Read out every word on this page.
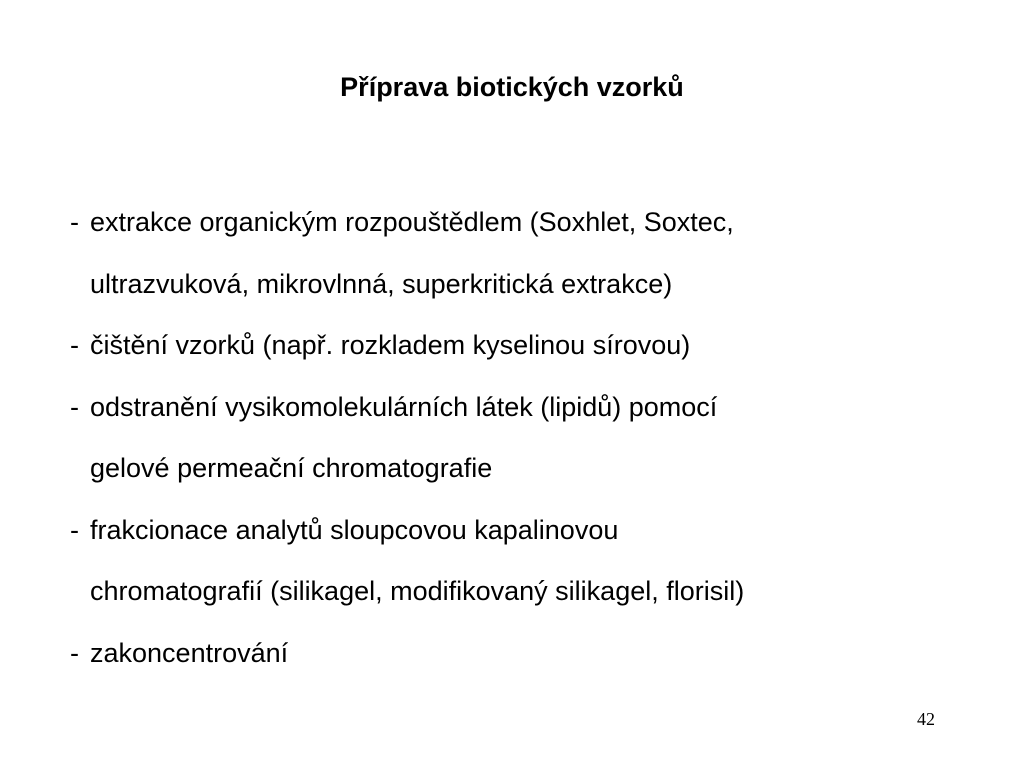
Příprava biotických vzorků
- extrakce organickým rozpouštědlem (Soxhlet, Soxtec,
ultrazvuková, mikrovlnná, superkritická extrakce)
- čištění vzorků (např. rozkladem kyselinou sírovou)
- odstranění vysikomolekulárních látek (lipidů) pomocí
gelové permeační chromatografie
- frakcionace analytů sloupcovou kapalinovou
chromatografií (silikagel, modifikovaný silikagel, florisil)
- zakoncentrování
42
